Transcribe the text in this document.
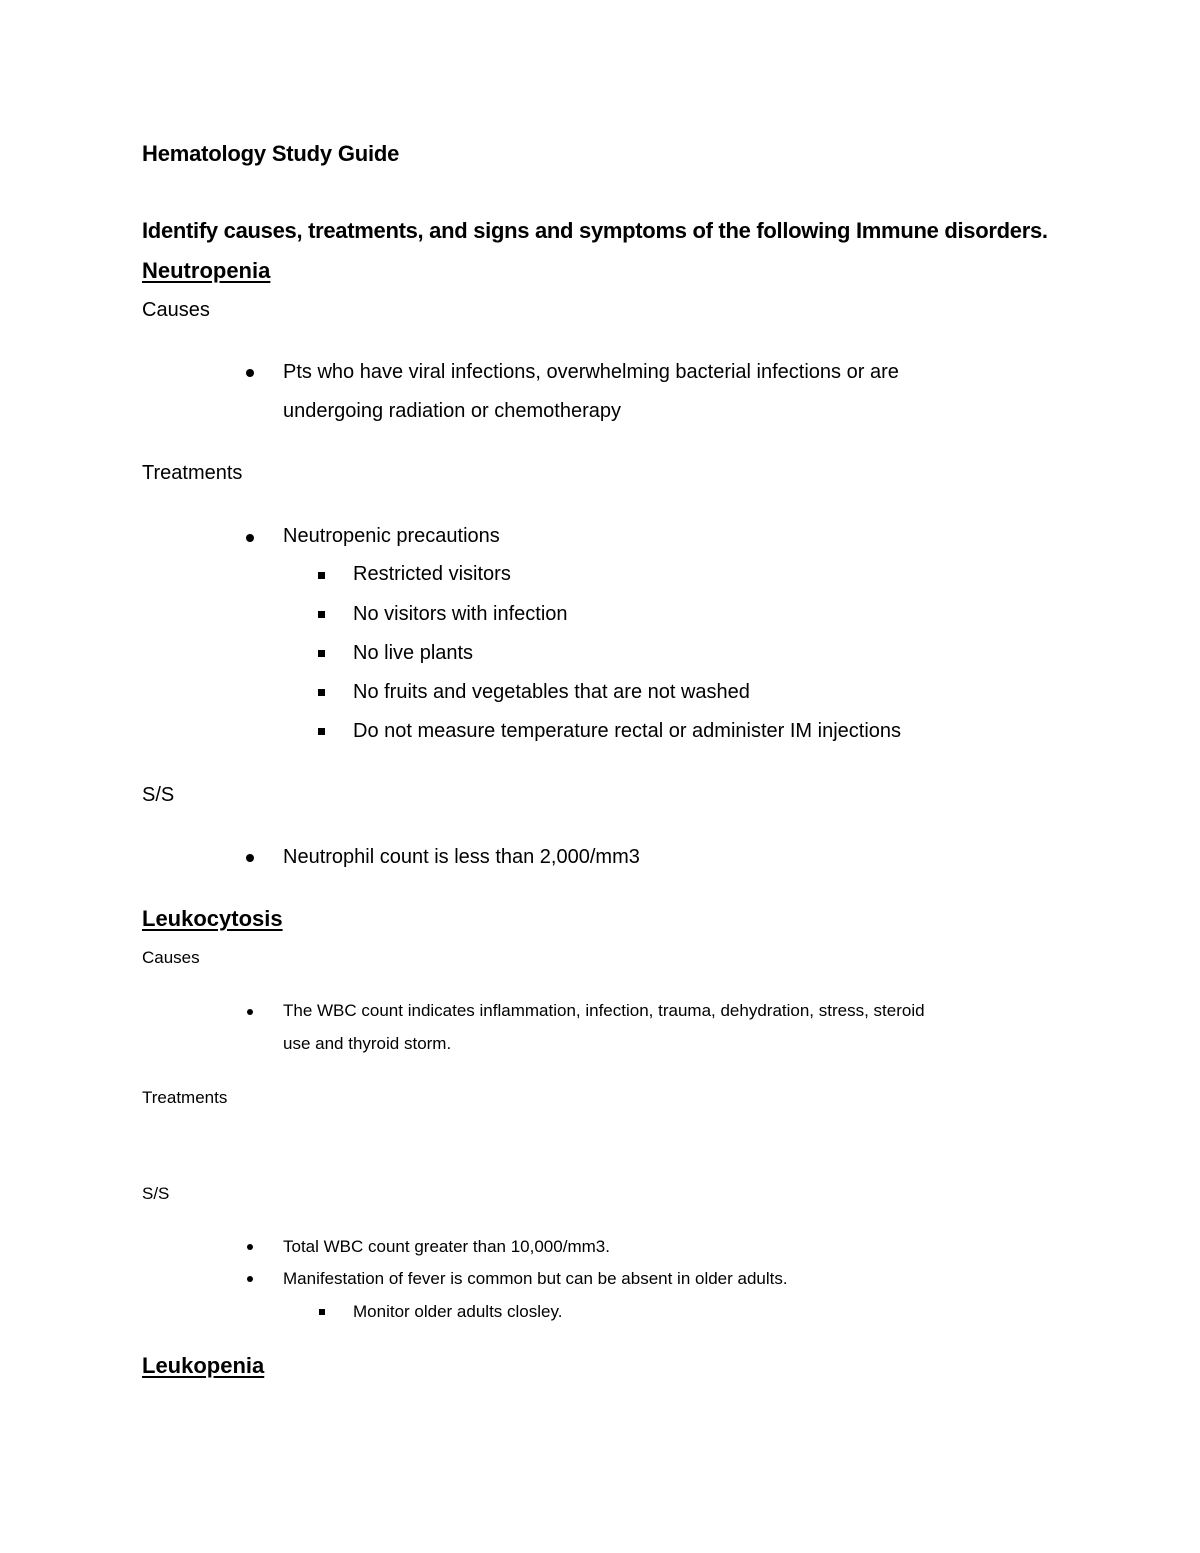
Hematology Study Guide
Identify causes, treatments, and signs and symptoms of the following Immune disorders.
Neutropenia
Causes
Pts who have viral infections, overwhelming bacterial infections or are
undergoing radiation or chemotherapy
Treatments
Neutropenic precautions
Restricted visitors
No visitors with infection
No live plants
No fruits and vegetables that are not washed
Do not measure temperature rectal or administer IM injections
S/S
Neutrophil count is less than 2,000/mm3
Leukocytosis
Causes
The WBC count indicates inflammation, infection, trauma, dehydration, stress, steroid
use and thyroid storm.
Treatments
S/S
Total WBC count greater than 10,000/mm3.
Manifestation of fever is common but can be absent in older adults.
Monitor older adults closley.
Leukopenia
